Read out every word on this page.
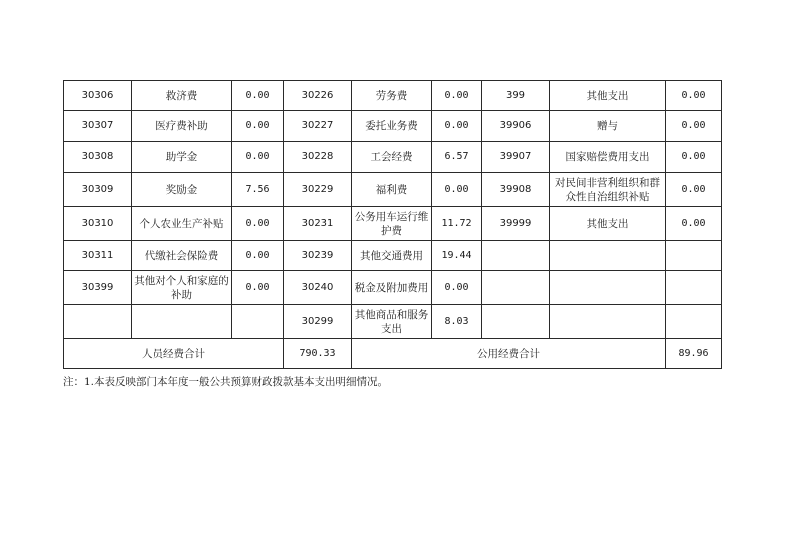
30306	救济费	0.00	30226	劳务费	0.00	399	其他支出	0.00
30307	医疗费补助	0.00	30227	委托业务费	0.00	39906	赠与	0.00
30308	助学金	0.00	30228	工会经费	6.57	39907	国家赔偿费用支出	0.00
30309	奖励金	7.56	30229	福利费	0.00	39908	对民间非营利组织和群众性自治组织补贴	0.00
30310	个人农业生产补贴	0.00	30231	公务用车运行维护费	11.72	39999	其他支出	0.00
30311	代缴社会保险费	0.00	30239	其他交通费用	19.44			
30399	其他对个人和家庭的补助	0.00	30240	税金及附加费用	0.00			
			30299	其他商品和服务支出	8.03			
人员经费合计			790.33	公用经费合计				89.96
注：1.本表反映部门本年度一般公共预算财政拨款基本支出明细情况。
